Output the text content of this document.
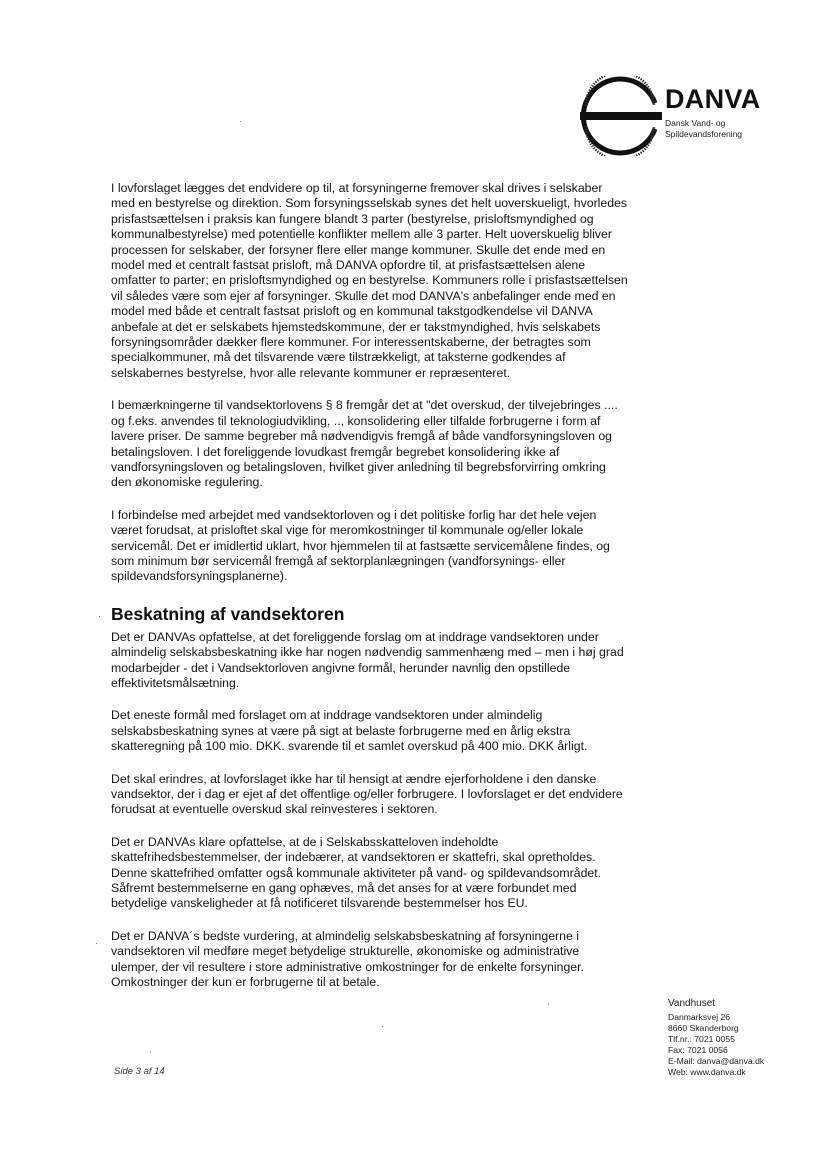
DANVA
Dansk Vand- og
Spildevandsforening

I lovforslaget lægges det endvidere op til, at forsyningerne fremover skal drives i selskaber med en bestyrelse og direktion. Som forsyningsselskab synes det helt uoverskueligt, hvorledes prisfastsættelsen i praksis kan fungere blandt 3 parter (bestyrelse, prisloftsmyndighed og kommunalbestyrelse) med potentielle konflikter mellem alle 3 parter. Helt uoverskuelig bliver processen for selskaber, der forsyner flere eller mange kommuner. Skulle det ende med en model med et centralt fastsat prisloft, må DANVA opfordre til, at prisfastsættelsen alene omfatter to parter; en prisloftsmyndighed og en bestyrelse. Kommuners rolle i prisfastsættelsen vil således være som ejer af forsyninger. Skulle det mod DANVA's anbefalinger ende med en model med både et centralt fastsat prisloft og en kommunal takstgodkendelse vil DANVA anbefale at det er selskabets hjemstedskommune, der er takstmyndighed, hvis selskabets forsyningsområder dækker flere kommuner. For interessentskaberne, der betragtes som specialkommuner, må det tilsvarende være tilstrækkeligt, at taksterne godkendes af selskabernes bestyrelse, hvor alle relevante kommuner er repræsenteret.

I bemærkningerne til vandsektorlovens § 8 fremgår det at "det overskud, der tilvejebringes .... og f.eks. anvendes til teknologiudvikling, .., konsolidering eller tilfalde forbrugerne i form af lavere priser. De samme begreber må nødvendigvis fremgå af både vandforsyningsloven og betalingsloven. I det foreliggende lovudkast fremgår begrebet konsolidering ikke af vandforsyningsloven og betalingsloven, hvilket giver anledning til begrebsforvirring omkring den økonomiske regulering.

I forbindelse med arbejdet med vandsektorloven og i det politiske forlig har det hele vejen været forudsat, at prisloftet skal vige for meromkostninger til kommunale og/eller lokale servicemål. Det er imidlertid uklart, hvor hjemmelen til at fastsætte servicemålene findes, og som minimum bør servicemål fremgå af sektorplanlægningen (vandforsynings- eller spildevandsforsyningsplanerne).

Beskatning af vandsektoren

Det er DANVAs opfattelse, at det foreliggende forslag om at inddrage vandsektoren under almindelig selskabsbeskatning ikke har nogen nødvendig sammenhæng med – men i høj grad modarbejder - det i Vandsektorloven angivne formål, herunder navnlig den opstillede effektivitetsmålsætning.

Det eneste formål med forslaget om at inddrage vandsektoren under almindelig selskabsbeskatning synes at være på sigt at belaste forbrugerne med en årlig ekstra skatteregning på 100 mio. DKK. svarende til et samlet overskud på 400 mio. DKK årligt.

Det skal erindres, at lovforslaget ikke har til hensigt at ændre ejerforholdene i den danske vandsektor, der i dag er ejet af det offentlige og/eller forbrugere. I lovforslaget er det endvidere forudsat at eventuelle overskud skal reinvesteres i sektoren.

Det er DANVAs klare opfattelse, at de i Selskabsskatteloven indeholdte skattefrihedsbestemmelser, der indebærer, at vandsektoren er skattefri, skal opretholdes. Denne skattefrihed omfatter også kommunale aktiviteter på vand- og spildevandsområdet. Såfremt bestemmelserne en gang ophæves, må det anses for at være forbundet med betydelige vanskeligheder at få notificeret tilsvarende bestemmelser hos EU.

Det er DANVA´s bedste vurdering, at almindelig selskabsbeskatning af forsyningerne i vandsektoren vil medføre meget betydelige strukturelle, økonomiske og administrative ulemper, der vil resultere i store administrative omkostninger for de enkelte forsyninger. Omkostninger der kun er forbrugerne til at betale.

Vandhuset
Danmarksvej 26
8660 Skanderborg
Tlf.nr.: 7021 0055
Fax: 7021 0056
E-Mail: danva@danva.dk
Web: www.danva.dk
Side 3 af 14
